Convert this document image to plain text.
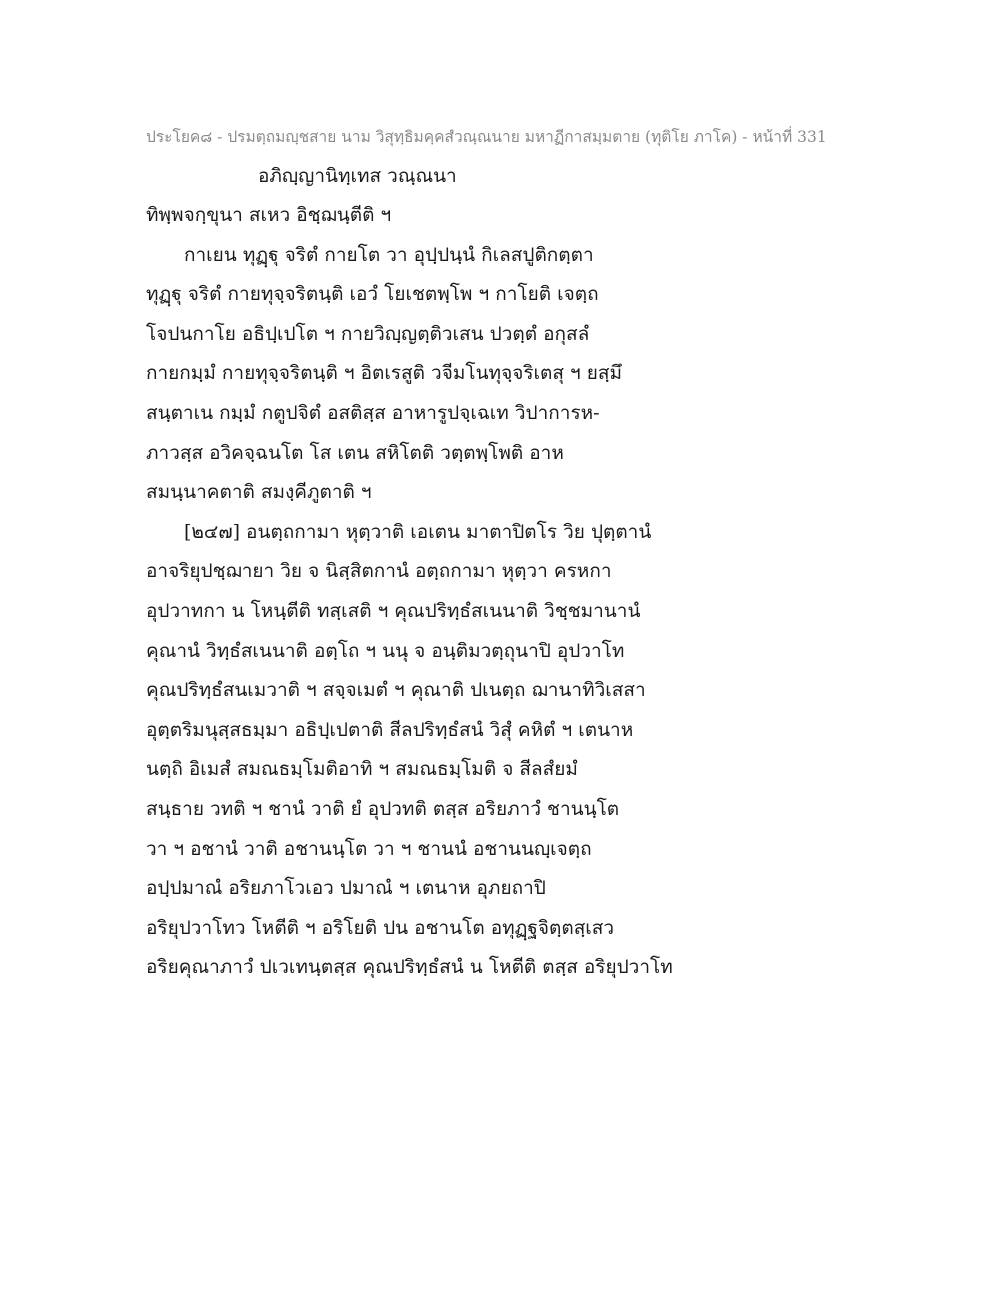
ประโยค๘ - ปรมตฺถมญฺชสาย นาม วิสุทฺธิมคฺคสํวณฺณนาย มหาฏีกาสมฺมตาย (ทุติโย ภาโค) - หน้าที่ 331
อภิญฺญานิทฺเทส วณฺณนา
ทิพฺพจกฺขุนา สเหว อิชฺฌนฺตีติ ฯ
กาเยน ทุฏฺฐุ จริตํ กายโต วา อุปฺปนฺนํ กิเลสปูติกตฺตา
ทุฏฺฐุ จริตํ กายทุจฺจริตนฺติ เอวํ โยเชตพฺโพ ฯ กาโยติ เจตฺถ
โจปนกาโย อธิปฺเปโต ฯ กายวิญฺญตฺติวเสน ปวตฺตํ อกุสลํ
กายกมฺมํ กายทุจฺจริตนฺติ ฯ อิตเรสูติ วจีมโนทุจฺจริเตสุ ฯ ยสฺมึ
สนฺตาเน กมฺมํ กตูปจิตํ อสติสฺส อาหารูปจฺเฉเท วิปาการห-
ภาวสฺส อวิคจฺฉนโต โส เตน สหิโตติ วตฺตพฺโพติ อาห
สมนฺนาคตาติ สมงฺคีภูตาติ ฯ
[๒๔๗] อนตฺถกามา หุตฺวาติ เอเตน มาตาปิตโร วิย ปุตฺตานํ
อาจริยุปชฺฌายา วิย จ นิสฺสิตกานํ อตฺถกามา หุตฺวา ครหกา
อุปวาทกา น โหนฺตีติ ทสฺเสติ ฯ คุณปริทฺธํสเนนาติ วิชฺชมานานํ
คุณานํ วิทฺธํสเนนาติ อตฺโถ ฯ นนุ จ อนฺติมวตฺถุนาปิ อุปวาโท
คุณปริทฺธํสนเมวาติ ฯ สจฺจเมตํ ฯ คุณาติ ปเนตฺถ ฌานาทิวิเสสา
อุตฺตริมนุสฺสธมฺมา อธิปฺเปตาติ สีลปริทฺธํสนํ วิสุํ คหิตํ ฯ เตนาห
นตฺถิ อิเมสํ สมณธมฺโมติอาทิ ฯ สมณธมฺโมติ จ สีลสํยมํ
สนฺธาย วทติ ฯ ชานํ วาติ ยํ อุปวทติ ตสฺส อริยภาวํ ชานนฺโต
วา ฯ อชานํ วาติ อชานนฺโต วา ฯ ชานนํ อชานนญฺเจตฺถ
อปฺปมาณํ อริยภาโวเอว ปมาณํ ฯ เตนาห อุภยถาปิ
อริยุปวาโทว โหตีติ ฯ อริโยติ ปน อชานโต อทุฏฺฐจิตฺตสฺเสว
อริยคุณาภาวํ ปเวเทนฺตสฺส คุณปริทฺธํสนํ น โหตีติ ตสฺส อริยุปวาโท
